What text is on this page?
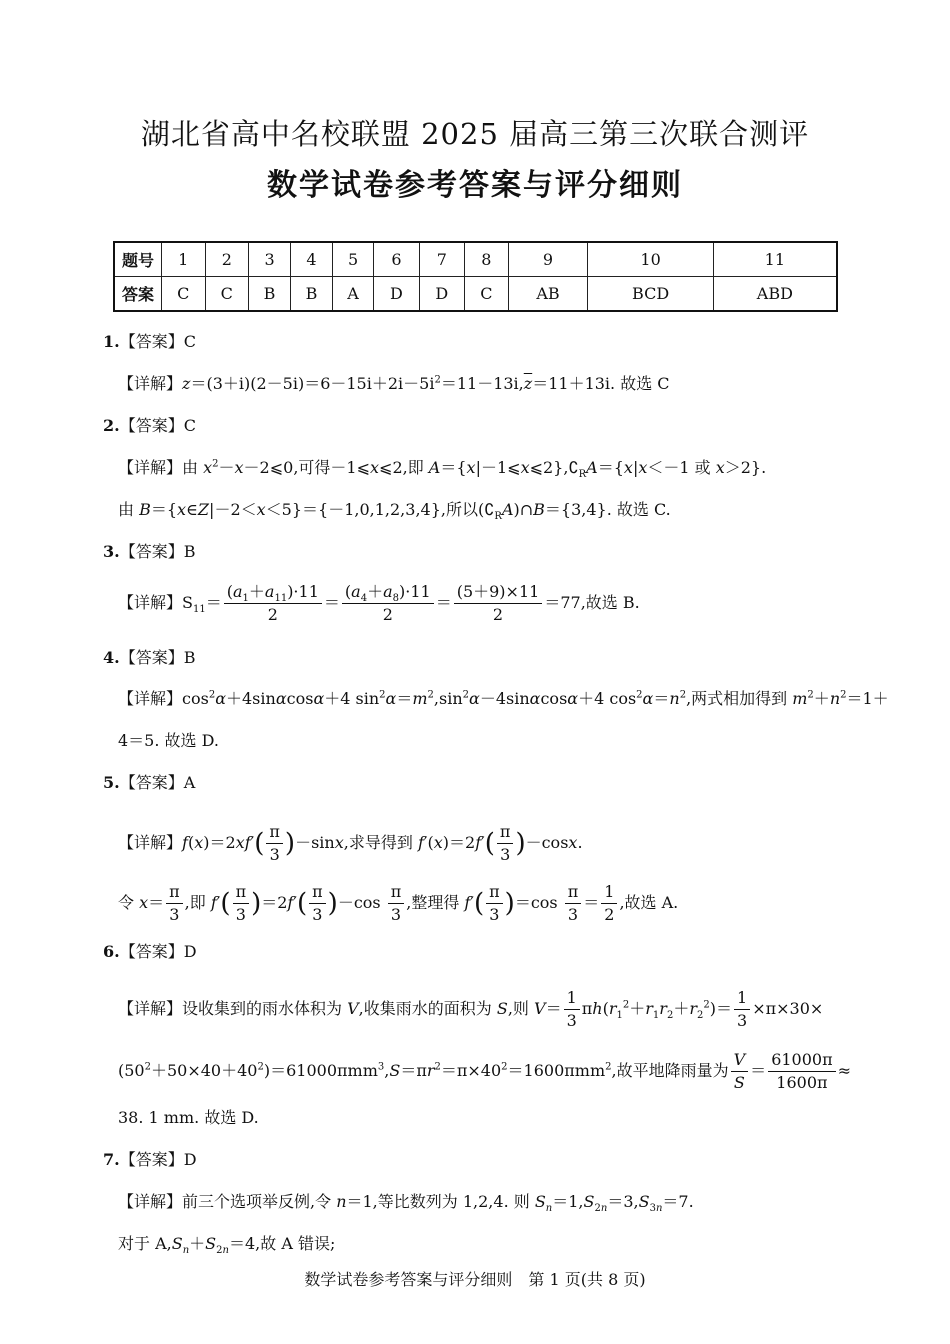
湖北省高中名校联盟 2025 届高三第三次联合测评
数学试卷参考答案与评分细则
题号	1	2	3	4	5	6	7	8	9	10	11
答案	C	C	B	B	A	D	D	C	AB	BCD	ABD
1.【答案】C
【详解】$z=(3+i)(2-5i)=6-15i+2i-5i^2=11-13i,\overline{z}=11+13i$. 故选 C
2.【答案】C
【详解】由 $x^2-x-2⩽0$,可得－1⩽x⩽2,即 $A=\{x|-1⩽x⩽2\},∁_RA=\{x|x<-1$ 或 x＞2}.
由 B＝{x∈Z|－2＜x＜5}＝{－1,0,1,2,3,4},所以$(∁_RA)\cap B=\{3,4\}$. 故选 C.
3.【答案】B
【详解】$S_{11}= \frac{(a_1+a_{11})\cdot 11}{2} = \frac{(a_4+a_8)\cdot 11}{2} = \frac{(5+9)\times 11}{2} =77$,故选 B.
4.【答案】B
【详解】$\cos^2\alpha+4\sin\alpha\cos\alpha+4$ $\sin^2\alpha=m^2,\sin^2\alpha-4\sin\alpha\cos\alpha+4$ $\cos^2\alpha=n^2$,两式相加得到 $m^2+n^2=1+$
4＝5. 故选 D.
5.【答案】A
【详解】$f(x)=2xf'( \frac{\pi}{3} )-\sin x$,求导得到 $f'(x)=2f'( \frac{\pi}{3} )-\cos x$.
令 $x= \frac{\pi}{3}$ ,即 $f'( \frac{\pi}{3} )=2f'( \frac{\pi}{3} )-\cos \frac{\pi}{3}$ ,整理得 $f'( \frac{\pi}{3} )=\cos \frac{\pi}{3} = \frac{1}{2}$ ,故选 A.
6.【答案】D
【详解】设收集到的雨水体积为 V,收集雨水的面积为 S,则 $V= \frac{1}{3} \pi h(r_1^2+r_1r_2+r_2^2)= \frac{1}{3} \times\pi\times 30\times$
$(50^2+50\times 40+40^2)=61000\pi mm^3,S=\pi r^2=\pi\times 40^2=1600\pi mm^2$,故平地降雨量为 $\frac{V}{S} = \frac{61000\pi}{1600\pi}$ ≈
38. 1 mm. 故选 D.
7.【答案】D
【详解】前三个选项举反例,令 n＝1,等比数列为 1,2,4. 则 $S_n=1,S_{2n}=3,S_{3n}=7$.
对于 $A,S_n+S_{2n}=4$,故 A 错误;
数学试卷参考答案与评分细则　第 1 页(共 8 页)
